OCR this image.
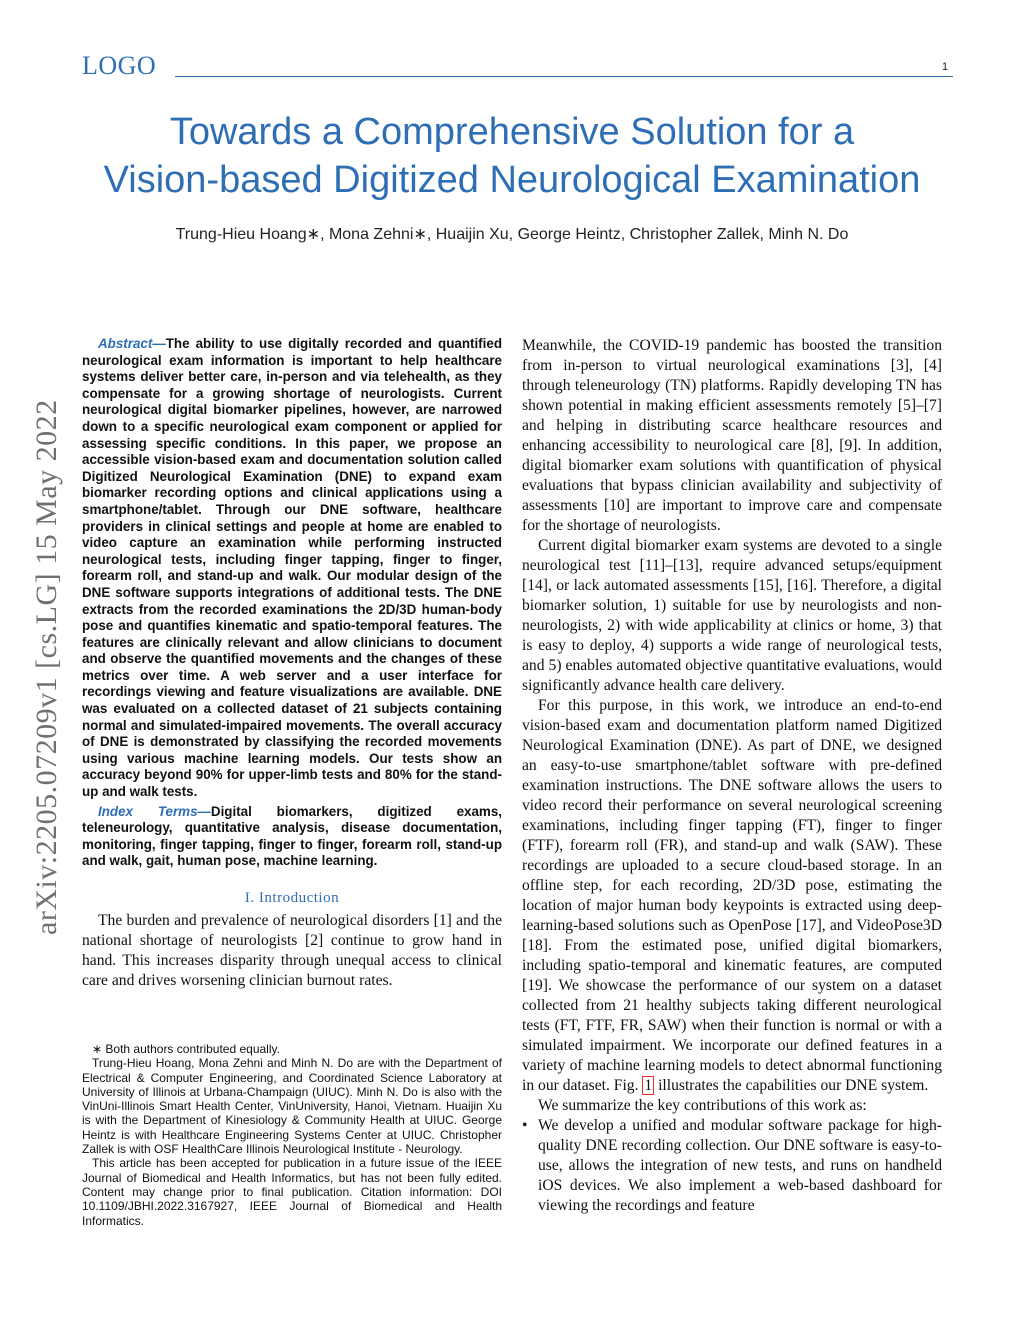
LOGO	1
Towards a Comprehensive Solution for a
Vision-based Digitized Neurological Examination
Trung-Hieu Hoang∗, Mona Zehni∗, Huaijin Xu, George Heintz, Christopher Zallek, Minh N. Do
arXiv:2205.07209v1 [cs.LG] 15 May 2022

Abstract—The ability to use digitally recorded and quantified neurological exam information is important to help healthcare systems deliver better care, in-person and via telehealth, as they compensate for a growing shortage of neurologists. Current neurological digital biomarker pipelines, however, are narrowed down to a specific neurological exam component or applied for assessing specific conditions. In this paper, we propose an accessible vision-based exam and documentation solution called Digitized Neurological Examination (DNE) to expand exam biomarker recording options and clinical applications using a smartphone/tablet. Through our DNE software, healthcare providers in clinical settings and people at home are enabled to video capture an examination while performing instructed neurological tests, including finger tapping, finger to finger, forearm roll, and stand-up and walk. Our modular design of the DNE software supports integrations of additional tests. The DNE extracts from the recorded examinations the 2D/3D human-body pose and quantifies kinematic and spatio-temporal features. The features are clinically relevant and allow clinicians to document and observe the quantified movements and the changes of these metrics over time. A web server and a user interface for recordings viewing and feature visualizations are available. DNE was evaluated on a collected dataset of 21 subjects containing normal and simulated-impaired movements. The overall accuracy of DNE is demonstrated by classifying the recorded movements using various machine learning models. Our tests show an accuracy beyond 90% for upper-limb tests and 80% for the stand-up and walk tests.

Index Terms—Digital biomarkers, digitized exams, teleneurology, quantitative analysis, disease documentation, monitoring, finger tapping, finger to finger, forearm roll, stand-up and walk, gait, human pose, machine learning.

I. Introduction

The burden and prevalence of neurological disorders [1] and the national shortage of neurologists [2] continue to grow hand in hand. This increases disparity through unequal access to clinical care and drives worsening clinician burnout rates.

∗ Both authors contributed equally.

Trung-Hieu Hoang, Mona Zehni and Minh N. Do are with the Department of Electrical & Computer Engineering, and Coordinated Science Laboratory at University of Illinois at Urbana-Champaign (UIUC). Minh N. Do is also with the VinUni-Illinois Smart Health Center, VinUniversity, Hanoi, Vietnam. Huaijin Xu is with the Department of Kinesiology & Community Health at UIUC. George Heintz is with Healthcare Engineering Systems Center at UIUC. Christopher Zallek is with OSF HealthCare Illinois Neurological Institute - Neurology.

This article has been accepted for publication in a future issue of the IEEE Journal of Biomedical and Health Informatics, but has not been fully edited. Content may change prior to final publication. Citation information: DOI 10.1109/JBHI.2022.3167927, IEEE Journal of Biomedical and Health Informatics.

Meanwhile, the COVID-19 pandemic has boosted the transition from in-person to virtual neurological examinations [3], [4] through teleneurology (TN) platforms. Rapidly developing TN has shown potential in making efficient assessments remotely [5]–[7] and helping in distributing scarce healthcare resources and enhancing accessibility to neurological care [8], [9]. In addition, digital biomarker exam solutions with quantification of physical evaluations that bypass clinician availability and subjectivity of assessments [10] are important to improve care and compensate for the shortage of neurologists.

Current digital biomarker exam systems are devoted to a single neurological test [11]–[13], require advanced setups/equipment [14], or lack automated assessments [15], [16]. Therefore, a digital biomarker solution, 1) suitable for use by neurologists and non-neurologists, 2) with wide applicability at clinics or home, 3) that is easy to deploy, 4) supports a wide range of neurological tests, and 5) enables automated objective quantitative evaluations, would significantly advance health care delivery.

For this purpose, in this work, we introduce an end-to-end vision-based exam and documentation platform named Digitized Neurological Examination (DNE). As part of DNE, we designed an easy-to-use smartphone/tablet software with pre-defined examination instructions. The DNE software allows the users to video record their performance on several neurological screening examinations, including finger tapping (FT), finger to finger (FTF), forearm roll (FR), and stand-up and walk (SAW). These recordings are uploaded to a secure cloud-based storage. In an offline step, for each recording, 2D/3D pose, estimating the location of major human body keypoints is extracted using deep-learning-based solutions such as OpenPose [17], and VideoPose3D [18]. From the estimated pose, unified digital biomarkers, including spatio-temporal and kinematic features, are computed [19]. We showcase the performance of our system on a dataset collected from 21 healthy subjects taking different neurological tests (FT, FTF, FR, SAW) when their function is normal or with a simulated impairment. We incorporate our defined features in a variety of machine learning models to detect abnormal functioning in our dataset. Fig. 1 illustrates the capabilities our DNE system.

We summarize the key contributions of this work as:

• We develop a unified and modular software package for high-quality DNE recording collection. Our DNE software is easy-to-use, allows the integration of new tests, and runs on handheld iOS devices. We also implement a web-based dashboard for viewing the recordings and feature
